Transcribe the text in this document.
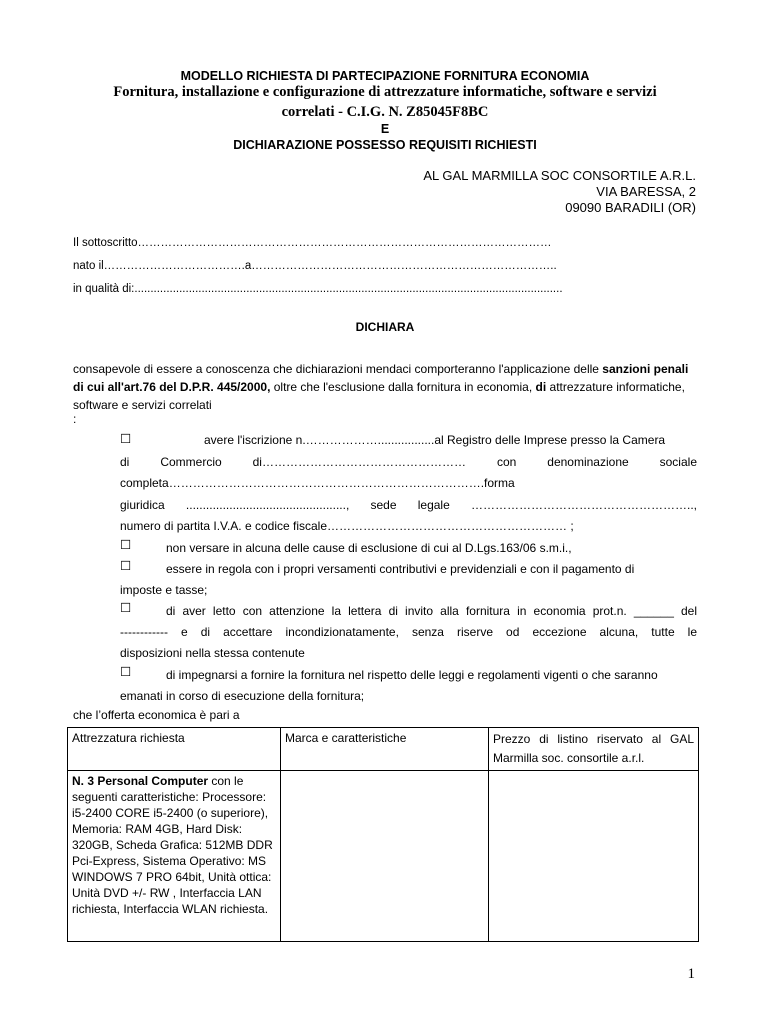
MODELLO RICHIESTA DI PARTECIPAZIONE FORNITURA ECONOMIA
Fornitura, installazione e configurazione di attrezzature informatiche, software e servizi
correlati - C.I.G. N. Z85045F8BC
E
DICHIARAZIONE POSSESSO REQUISITI RICHIESTI
AL GAL MARMILLA SOC CONSORTILE A.R.L.
VIA BARESSA, 2
09090 BARADILI (OR)
Il sottoscritto………………………………………………………………………………………………
nato il……………………………….a……………………………………………………………………..
in qualità di:......................................................................................................................................
DICHIARA
consapevole di essere a conoscenza che dichiarazioni mendaci comporteranno l'applicazione delle sanzioni penali di cui all'art.76 del D.P.R. 445/2000, oltre che l'esclusione dalla fornitura in economia, di attrezzature informatiche, software e servizi correlati
:
☐	avere l'iscrizione n.……………….................al Registro delle Imprese presso la Camera
di Commercio di…………………………………………… con denominazione sociale
completa…………………………………………………………………….forma
giuridica ................................................, sede legale ………………………………………………..,
numero di partita I.V.A. e codice fiscale…………………………………………………… ;
☐	non versare in alcuna delle cause di esclusione di cui al D.Lgs.163/06 s.m.i.,
☐	essere in regola con i propri versamenti contributivi e previdenziali e con il pagamento di
imposte e tasse;
☐	di aver letto con attenzione la lettera di invito alla fornitura in economia prot.n. ______ del
------------ e di accettare incondizionatamente, senza riserve od eccezione alcuna, tutte le
disposizioni nella stessa contenute
☐	di impegnarsi a fornire la fornitura nel rispetto delle leggi e regolamenti vigenti o che saranno
emanati in corso di esecuzione della fornitura;
che l’offerta economica è pari a
Attrezzatura richiesta	Marca e caratteristiche	Prezzo di listino riservato al GAL Marmilla soc. consortile a.r.l.
N. 3 Personal Computer con le seguenti caratteristiche: Processore: i5-2400 CORE i5-2400 (o superiore), Memoria: RAM 4GB, Hard Disk: 320GB, Scheda Grafica: 512MB DDR Pci-Express, Sistema Operativo: MS WINDOWS 7 PRO 64bit, Unità ottica: Unità DVD +/- RW , Interfaccia LAN richiesta, Interfaccia WLAN richiesta.		
1
